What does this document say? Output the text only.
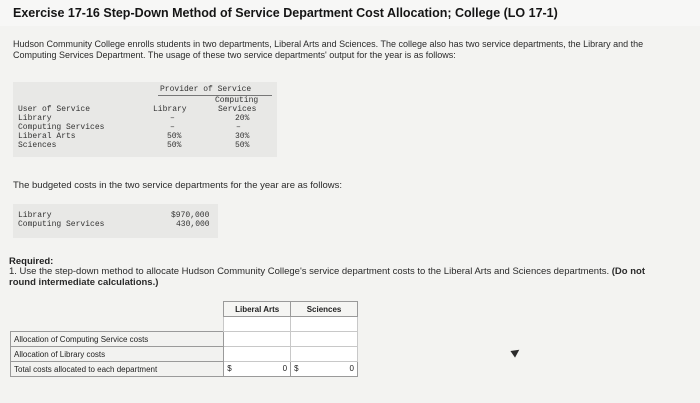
Exercise 17-16 Step-Down Method of Service Department Cost Allocation; College (LO 17-1)
Hudson Community College enrolls students in two departments, Liberal Arts and Sciences. The college also has two service departments, the Library and the Computing Services Department. The usage of these two service departments' output for the year is as follows:
Provider of Service
Computing
User of Service	Library	Services
Library	–	20%
Computing Services	–	–
Liberal Arts	50%	30%
Sciences	50%	50%
The budgeted costs in the two service departments for the year are as follows:
Library	$970,000
Computing Services	430,000
Required:
1. Use the step-down method to allocate Hudson Community College's service department costs to the Liberal Arts and Sciences departments. (Do not round intermediate calculations.)
	Liberal Arts	Sciences

Allocation of Computing Service costs		
Allocation of Library costs		
Total costs allocated to each department	$ 0	$ 0
